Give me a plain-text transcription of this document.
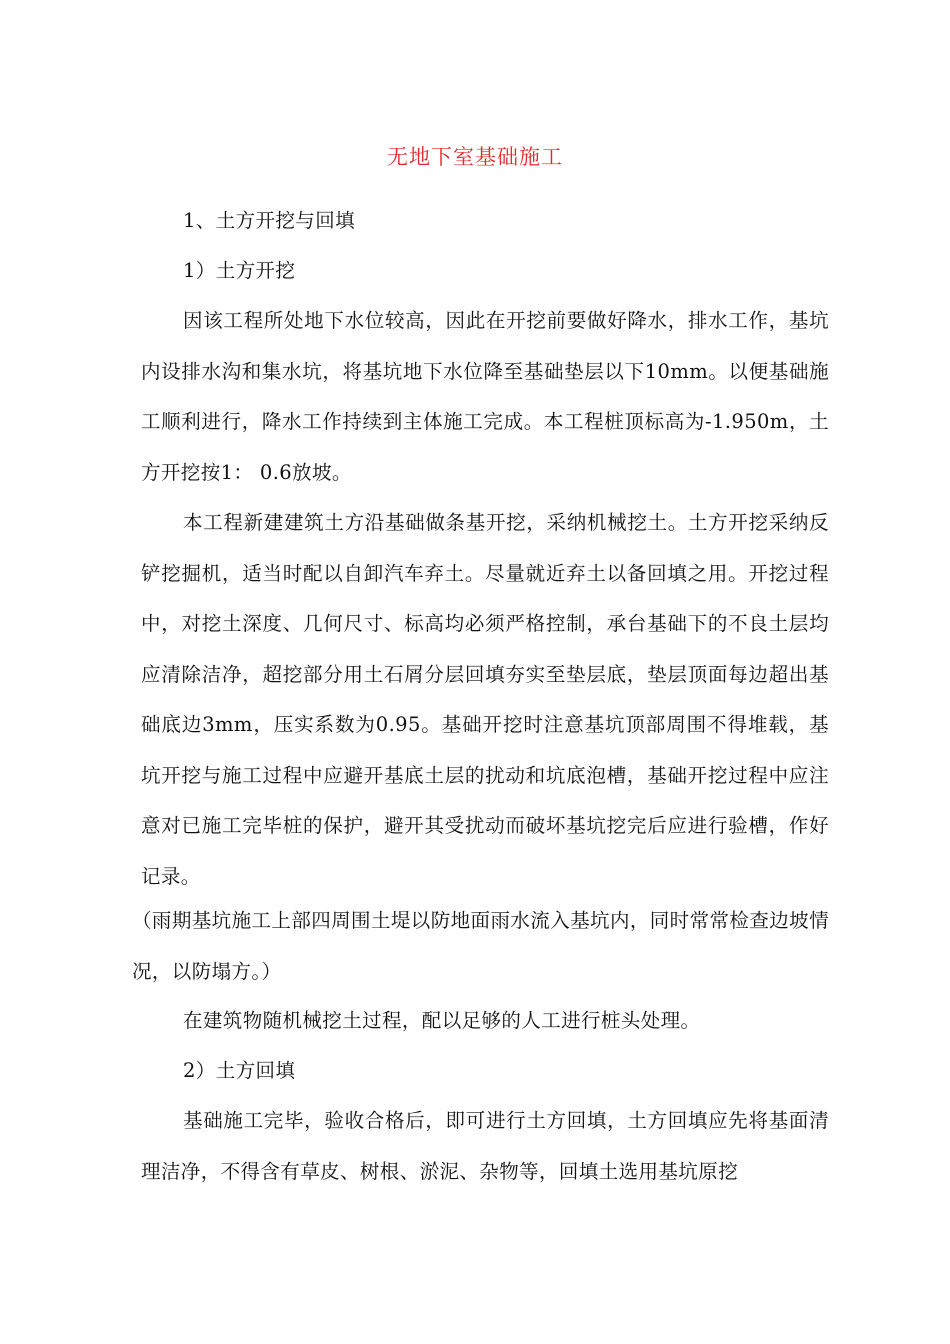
无地下室基础施工
1、土方开挖与回填
1）土方开挖
因该工程所处地下水位较高，因此在开挖前要做好降水，排水工作，基坑内设排水沟和集水坑，将基坑地下水位降至基础垫层以下10mm。以便基础施工顺利进行，降水工作持续到主体施工完成。本工程桩顶标高为-1.950m，土方开挖按1： 0.6放坡。
本工程新建建筑土方沿基础做条基开挖，采纳机械挖土。土方开挖采纳反铲挖掘机，适当时配以自卸汽车弃土。尽量就近弃土以备回填之用。开挖过程中，对挖土深度、几何尺寸、标高均必须严格控制，承台基础下的不良土层均应清除洁净，超挖部分用土石屑分层回填夯实至垫层底，垫层顶面每边超出基础底边3mm，压实系数为0.95。基础开挖时注意基坑顶部周围不得堆载，基坑开挖与施工过程中应避开基底土层的扰动和坑底泡槽，基础开挖过程中应注意对已施工完毕桩的保护，避开其受扰动而破坏基坑挖完后应进行验槽，作好记录。
（雨期基坑施工上部四周围土堤以防地面雨水流入基坑内，同时常常检查边坡情况，以防塌方。）
在建筑物随机械挖土过程，配以足够的人工进行桩头处理。
2）土方回填
基础施工完毕，验收合格后，即可进行土方回填，土方回填应先将基面清理洁净，不得含有草皮、树根、淤泥、杂物等，回填土选用基坑原挖
